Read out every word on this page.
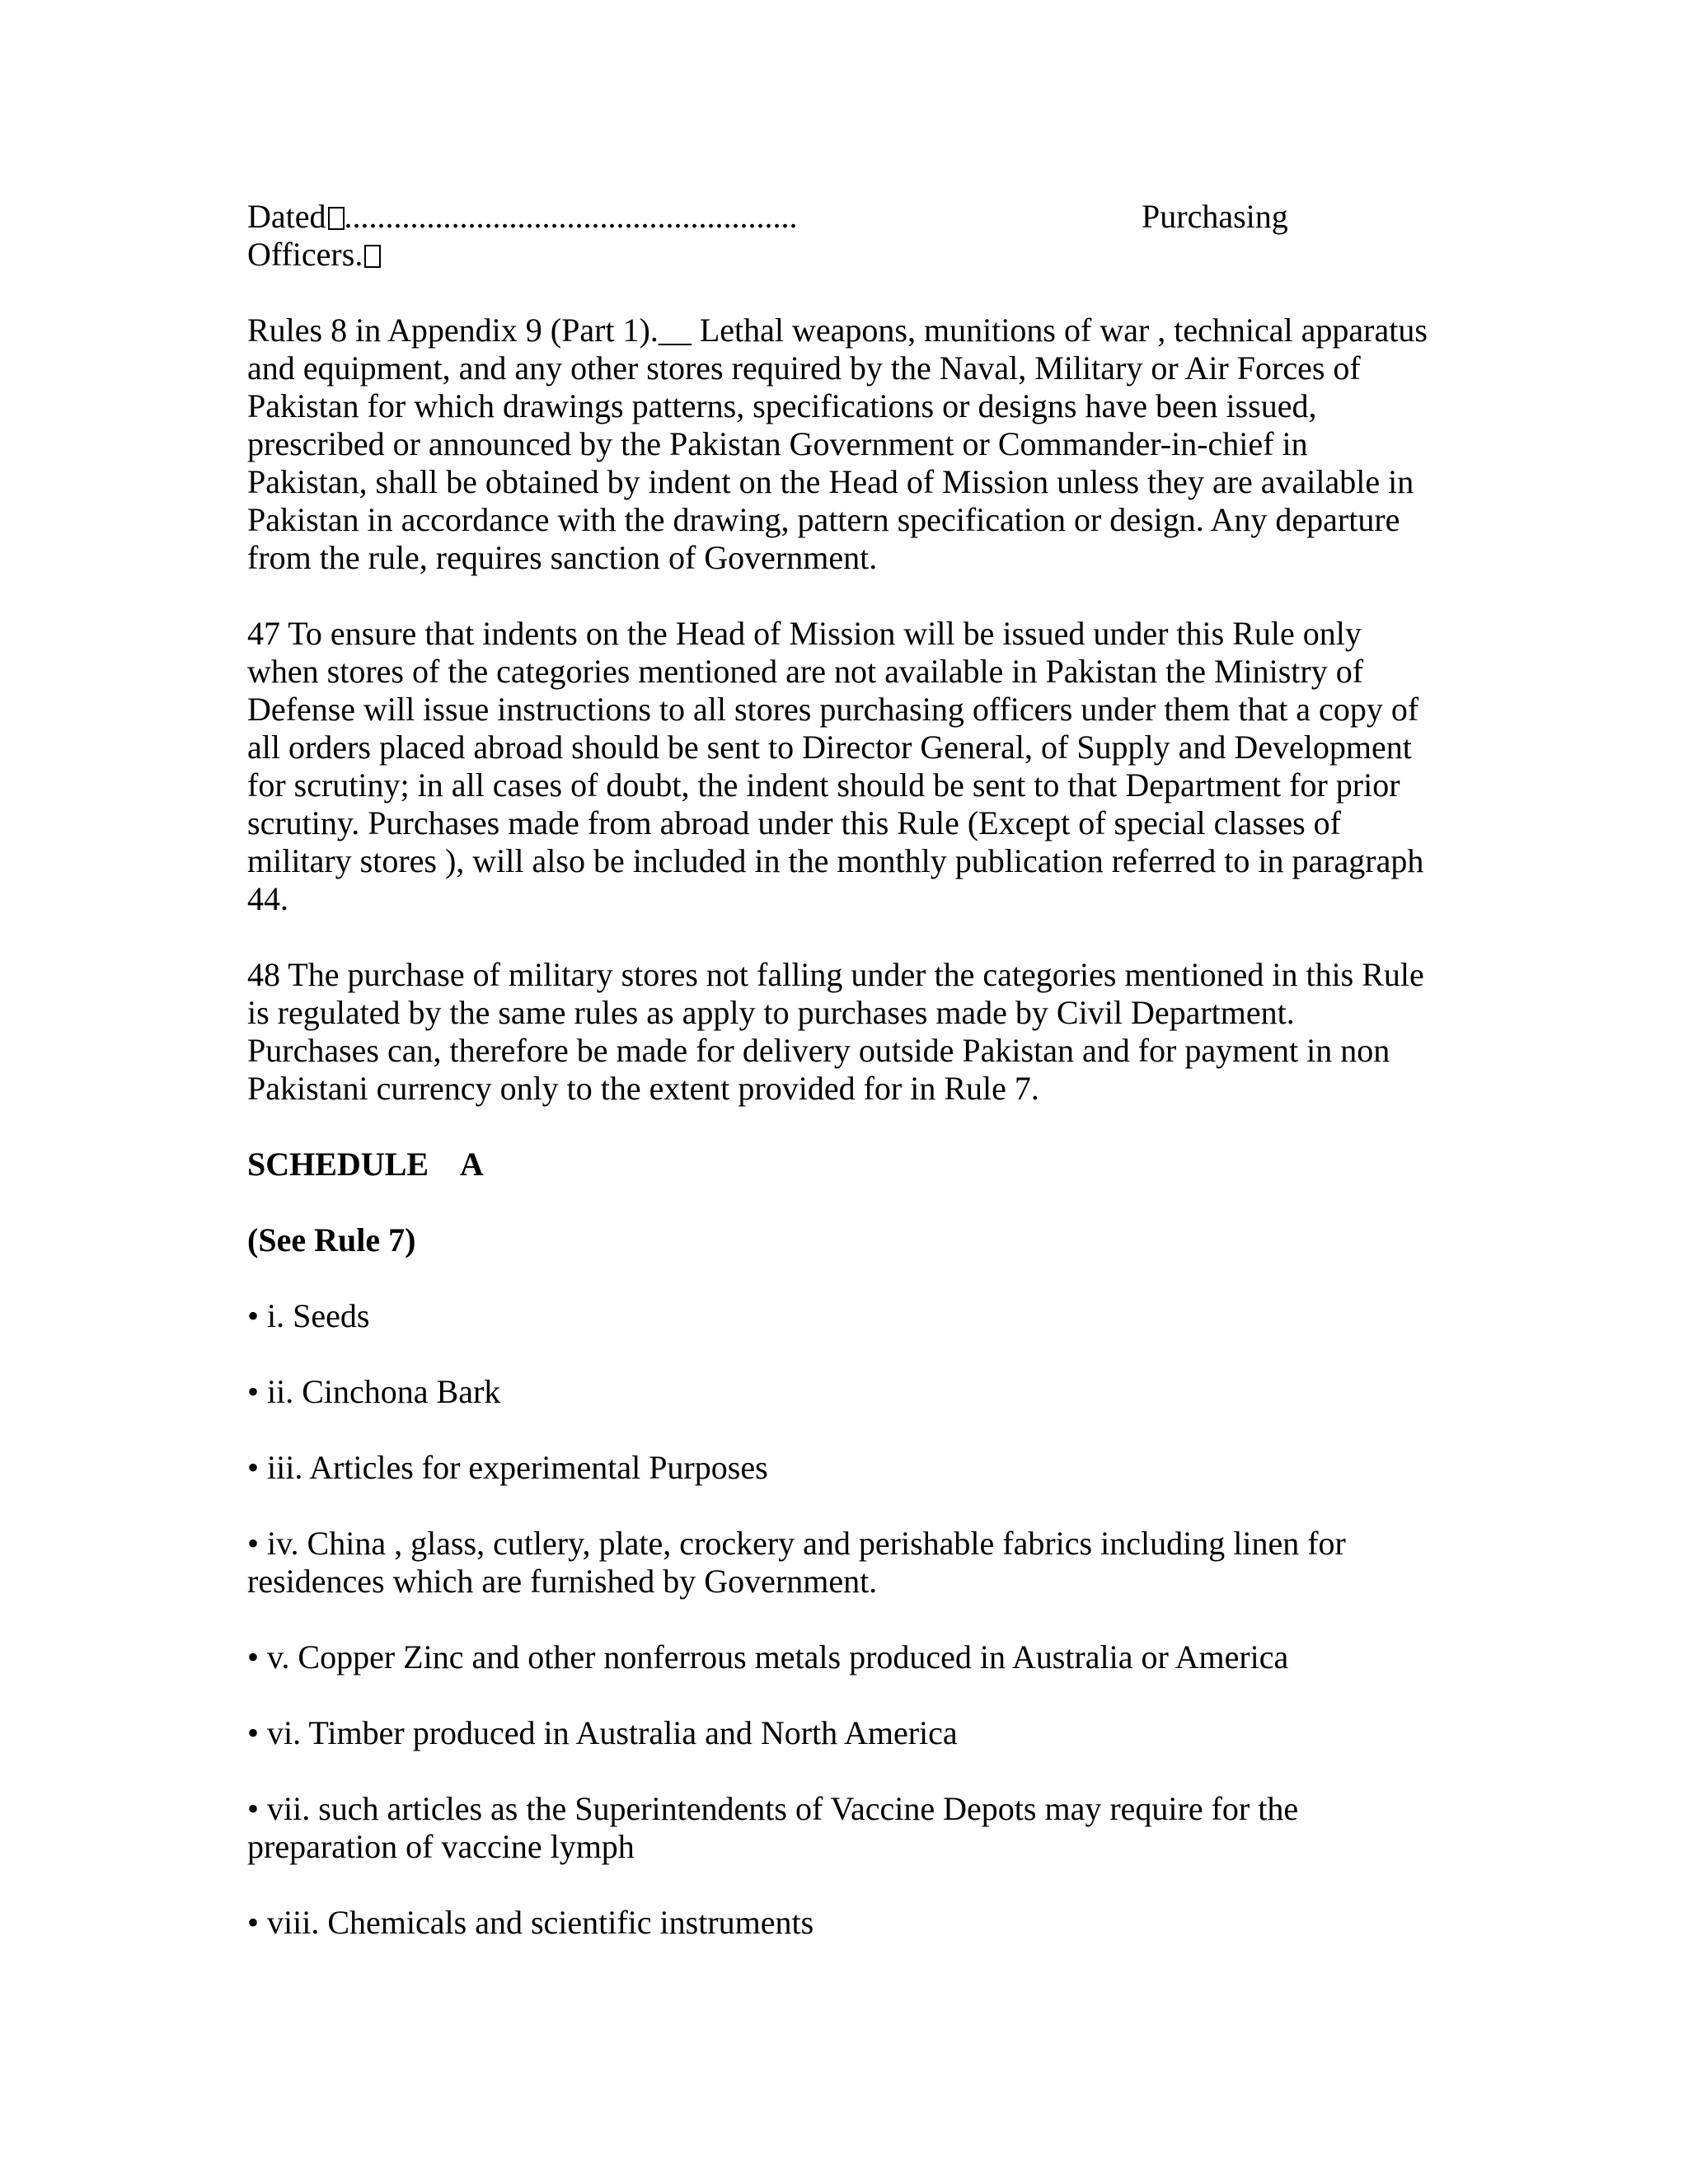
Dated .......................................................	Purchasing
Officers.

Rules 8 in Appendix 9 (Part 1).__ Lethal weapons, munitions of war , technical apparatus and equipment, and any other stores required by the Naval, Military or Air Forces of Pakistan for which drawings patterns, specifications or designs have been issued, prescribed or announced by the Pakistan Government or Commander-in-chief in Pakistan, shall be obtained by indent on the Head of Mission unless they are available in Pakistan in accordance with the drawing, pattern specification or design. Any departure from the rule, requires sanction of Government.

47 To ensure that indents on the Head of Mission will be issued under this Rule only when stores of the categories mentioned are not available in Pakistan the Ministry of Defense will issue instructions to all stores purchasing officers under them that a copy of all orders placed abroad should be sent to Director General, of Supply and Development for scrutiny; in all cases of doubt, the indent should be sent to that Department for prior scrutiny. Purchases made from abroad under this Rule (Except of special classes of military stores ), will also be included in the monthly publication referred to in paragraph 44.

48 The purchase of military stores not falling under the categories mentioned in this Rule is regulated by the same rules as apply to purchases made by Civil Department. Purchases can, therefore be made for delivery outside Pakistan and for payment in non Pakistani currency only to the extent provided for in Rule 7.

SCHEDULE    A
(See Rule 7)
• i. Seeds
• ii. Cinchona Bark
• iii. Articles for experimental Purposes
• iv. China , glass, cutlery, plate, crockery and perishable fabrics including linen for residences which are furnished by Government.
• v. Copper Zinc and other nonferrous metals produced in Australia or America
• vi. Timber produced in Australia and North America
• vii. such articles as the Superintendents of Vaccine Depots may require for the preparation of vaccine lymph
• viii. Chemicals and scientific instruments
